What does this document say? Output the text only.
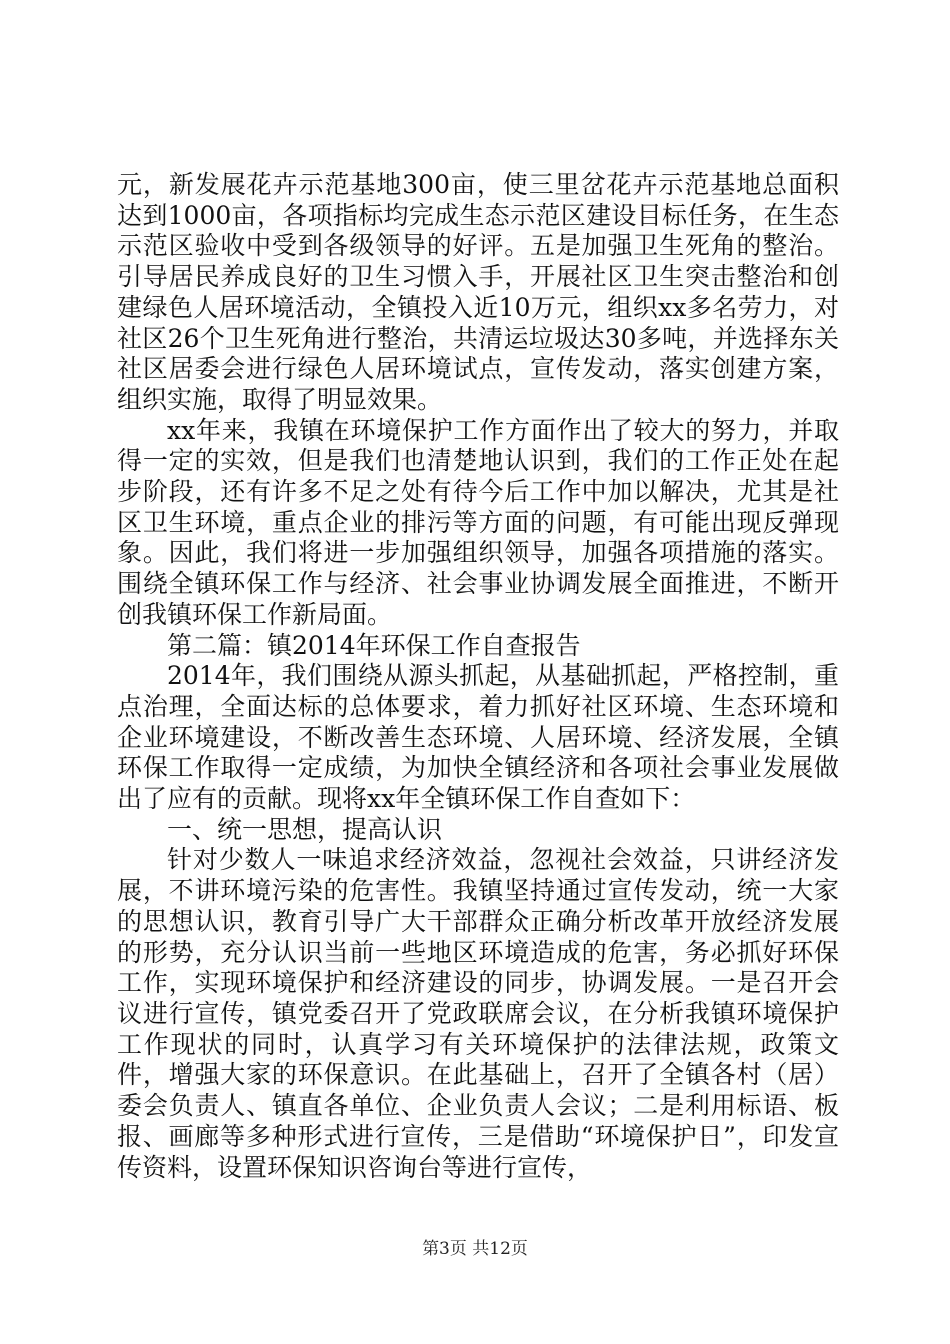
元，新发展花卉示范基地300亩，使三里岔花卉示范基地总面积达到1000亩，各项指标均完成生态示范区建设目标任务，在生态示范区验收中受到各级领导的好评。五是加强卫生死角的整治。引导居民养成良好的卫生习惯入手，开展社区卫生突击整治和创建绿色人居环境活动，全镇投入近10万元，组织xx多名劳力，对社区26个卫生死角进行整治，共清运垃圾达30多吨，并选择东关社区居委会进行绿色人居环境试点，宣传发动，落实创建方案，组织实施，取得了明显效果。

xx年来，我镇在环境保护工作方面作出了较大的努力，并取得一定的实效，但是我们也清楚地认识到，我们的工作正处在起步阶段，还有许多不足之处有待今后工作中加以解决，尤其是社区卫生环境，重点企业的排污等方面的问题，有可能出现反弹现象。因此，我们将进一步加强组织领导，加强各项措施的落实。围绕全镇环保工作与经济、社会事业协调发展全面推进，不断开创我镇环保工作新局面。

第二篇：镇2014年环保工作自查报告

2014年，我们围绕从源头抓起，从基础抓起，严格控制，重点治理，全面达标的总体要求，着力抓好社区环境、生态环境和企业环境建设，不断改善生态环境、人居环境、经济发展，全镇环保工作取得一定成绩，为加快全镇经济和各项社会事业发展做出了应有的贡献。现将xx年全镇环保工作自查如下：

一、统一思想，提高认识

针对少数人一味追求经济效益，忽视社会效益，只讲经济发展，不讲环境污染的危害性。我镇坚持通过宣传发动，统一大家的思想认识，教育引导广大干部群众正确分析改革开放经济发展的形势，充分认识当前一些地区环境造成的危害，务必抓好环保工作，实现环境保护和经济建设的同步，协调发展。一是召开会议进行宣传，镇党委召开了党政联席会议，在分析我镇环境保护工作现状的同时，认真学习有关环境保护的法律法规，政策文件，增强大家的环保意识。在此基础上，召开了全镇各村（居）委会负责人、镇直各单位、企业负责人会议；二是利用标语、板报、画廊等多种形式进行宣传，三是借助“环境保护日”，印发宣传资料，设置环保知识咨询台等进行宣传，

第3页 共12页
